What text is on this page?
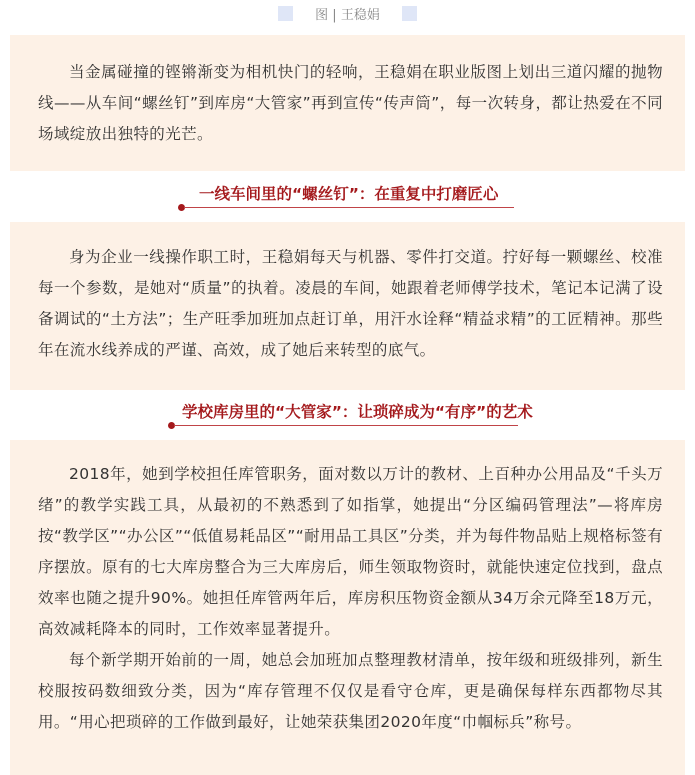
图 | 王稳娟

当金属碰撞的铿锵渐变为相机快门的轻响，王稳娟在职业版图上划出三道闪耀的抛物线——从车间“螺丝钉”到库房“大管家”再到宣传“传声筒”，每一次转身，都让热爱在不同场域绽放出独特的光芒。

一线车间里的“螺丝钉”：在重复中打磨匠心

身为企业一线操作职工时，王稳娟每天与机器、零件打交道。拧好每一颗螺丝、校准每一个参数，是她对“质量”的执着。凌晨的车间，她跟着老师傅学技术，笔记本记满了设备调试的“土方法”；生产旺季加班加点赶订单，用汗水诠释“精益求精”的工匠精神。那些年在流水线养成的严谨、高效，成了她后来转型的底气。

学校库房里的“大管家”：让琐碎成为“有序”的艺术

2018年，她到学校担任库管职务，面对数以万计的教材、上百种办公用品及“千头万绪”的教学实践工具，从最初的不熟悉到了如指掌，她提出“分区编码管理法”—将库房按“教学区”“办公区”“低值易耗品区”“耐用品工具区”分类，并为每件物品贴上规格标签有序摆放。原有的七大库房整合为三大库房后，师生领取物资时，就能快速定位找到，盘点效率也随之提升90%。她担任库管两年后，库房积压物资金额从34万余元降至18万元，高效减耗降本的同时，工作效率显著提升。

每个新学期开始前的一周，她总会加班加点整理教材清单，按年级和班级排列，新生校服按码数细致分类，因为“库存管理不仅仅是看守仓库，更是确保每样东西都物尽其用。“用心把琐碎的工作做到最好，让她荣获集团2020年度“巾帼标兵”称号。
